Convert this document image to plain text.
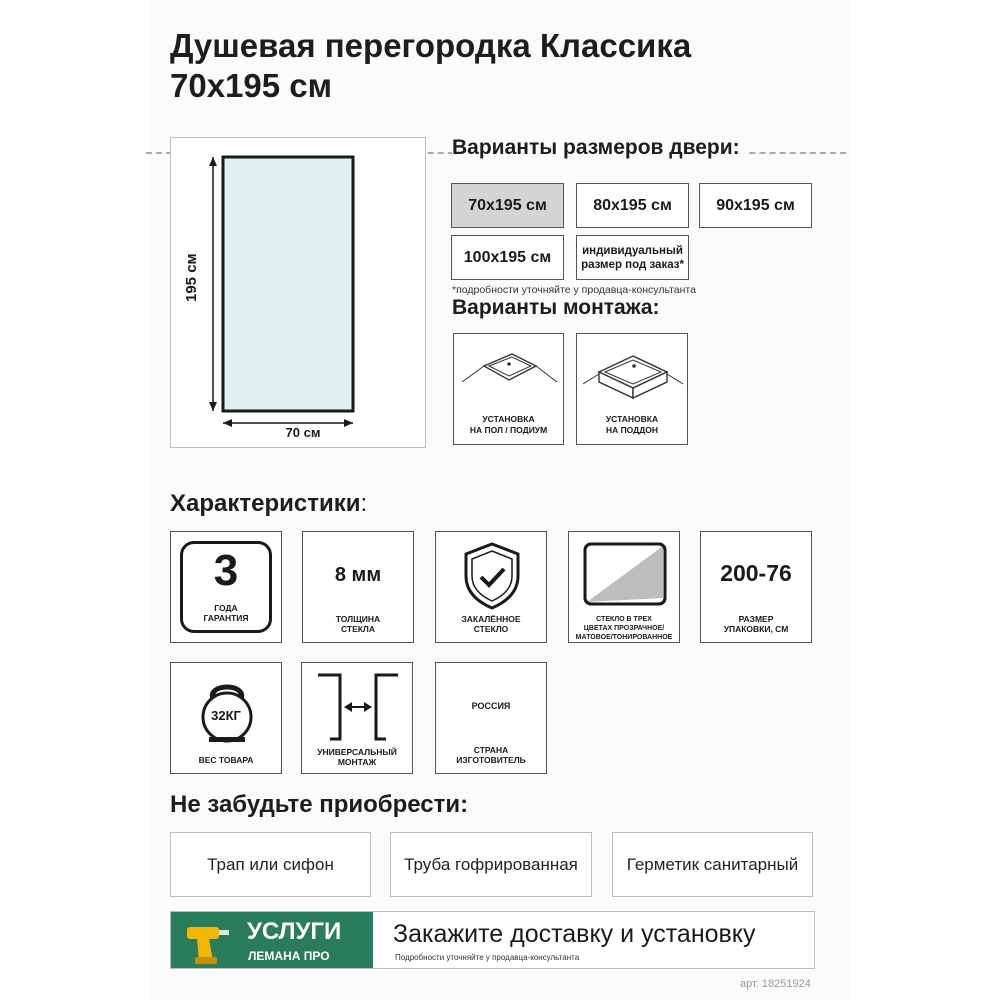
Душевая перегородка Классика
70x195 см
195 см
70 см
Варианты размеров двери:
70x195 см	80x195 см	90x195 см
100x195 см	индивидуальный размер под заказ*
*подробности уточняйте у продавца-консультанта
Варианты монтажа:
УСТАНОВКА
НА ПОЛ / ПОДИУМ
УСТАНОВКА
НА ПОДДОН
Характеристики:
3
ГОДА
ГАРАНТИЯ
8 мм
ТОЛЩИНА
СТЕКЛА
ЗАКАЛЁННОЕ
СТЕКЛО
СТЕКЛО В ТРЕХ
ЦВЕТАХ ПРОЗРАЧНОЕ/
МАТОВОЕ/ТОНИРОВАННОЕ
200-76
РАЗМЕР
УПАКОВКИ, СМ
32КГ
ВЕС ТОВАРА
УНИВЕРСАЛЬНЫЙ
МОНТАЖ
РОССИЯ
СТРАНА
ИЗГОТОВИТЕЛЬ
Не забудьте приобрести:
Трап или сифон	Труба гофрированная	Герметик санитарный
УСЛУГИ
ЛЕМАНА ПРО
Закажите доставку и установку
Подробности уточняйте у продавца-консультанта
арт. 18251924
